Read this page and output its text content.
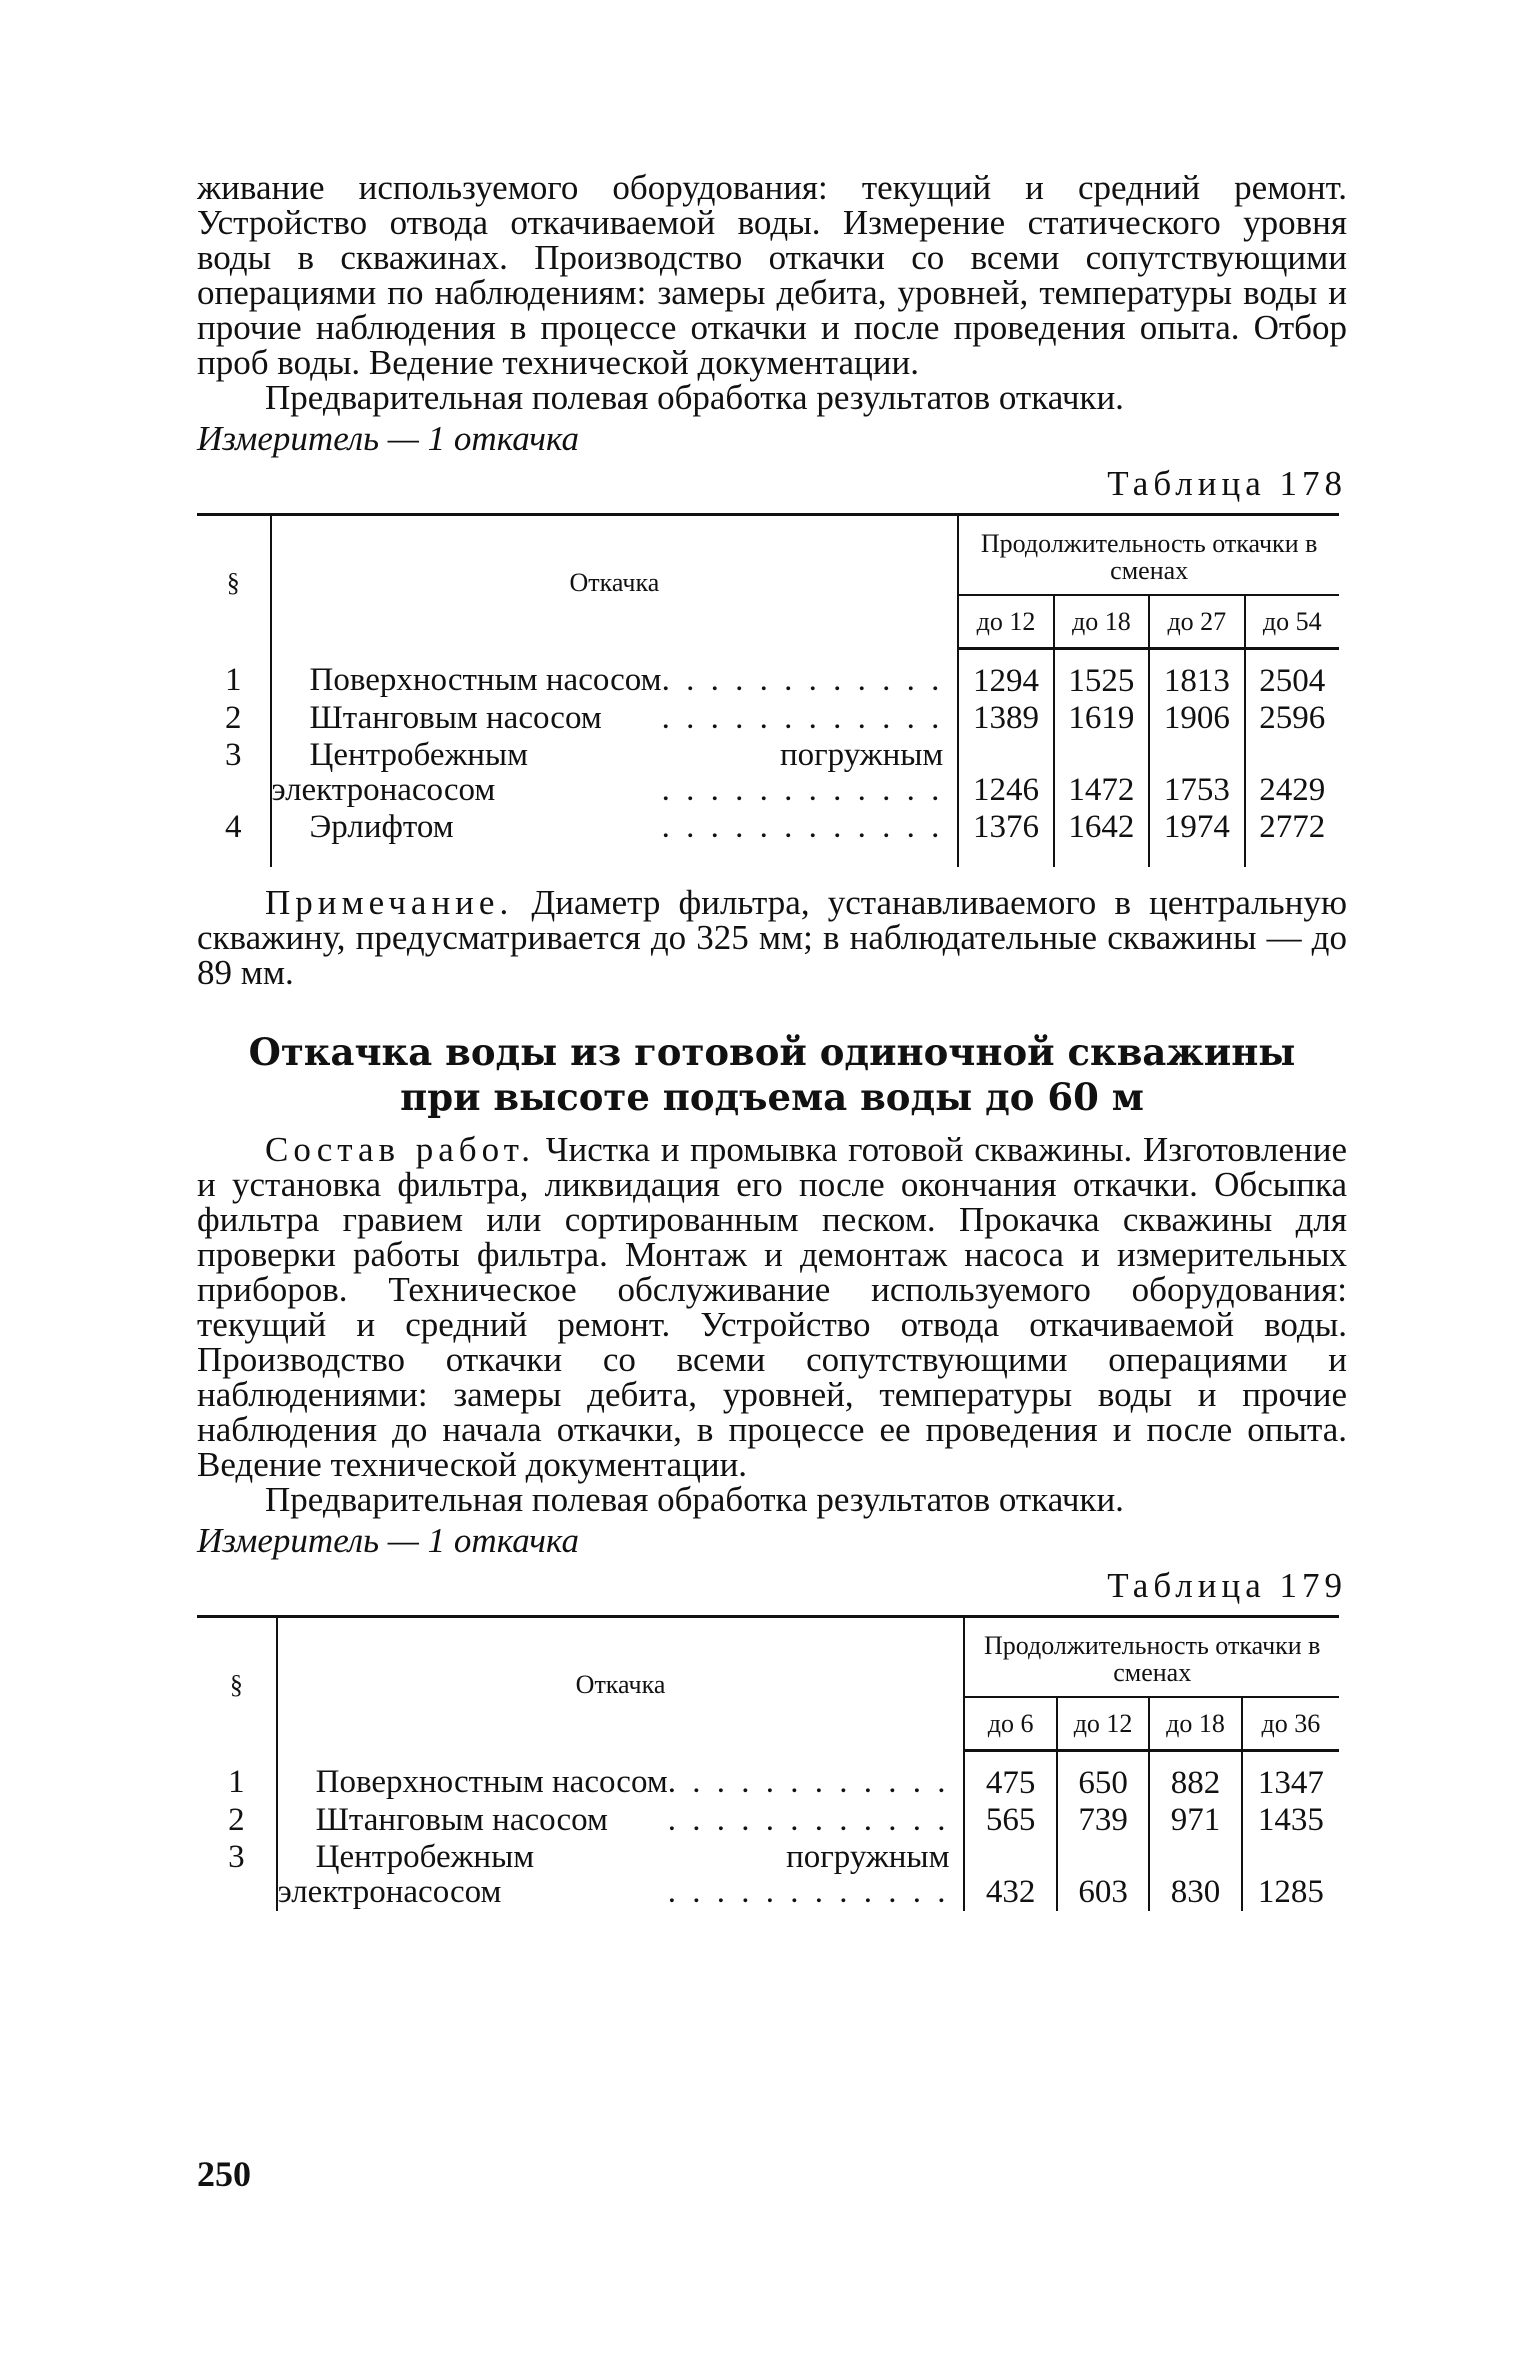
живание используемого оборудования: текущий и средний ремонт. Устройство отвода откачиваемой воды. Измерение статического уровня воды в скважинах. Производство откачки со всеми сопутствующими операциями по наблюдениям: замеры дебита, уровней, температуры воды и прочие наблюдения в процессе откачки и после проведения опыта. Отбор проб воды. Ведение технической документации.

Предварительная полевая обработка результатов откачки.

Измеритель — 1 откачка
Таблица 178
§	Откачка	Продолжительность откачки в сменах			
		до 12	до 18	до 27	до 54
1	Поверхностным насосом . . . . . . . . . . . .	1294	1525	1813	2504
2	Штанговым насосом . . . . . . . . . . . .	1389	1619	1906	2596
3	Центробежным погружным
электронасосом . . . . . . . . . . . .	1246	1472	1753	2429
4	Эрлифтом . . . . . . . . . . . .	1376	1642	1974	2772

Примечание. Диаметр фильтра, устанавливаемого в центральную скважину, предусматривается до 325 мм; в наблюдательные скважины — до 89 мм.

Откачка воды из готовой одиночной скважины
при высоте подъема воды до 60 м

Состав работ. Чистка и промывка готовой скважины. Изготовление и установка фильтра, ликвидация его после окончания откачки. Обсыпка фильтра гравием или сортированным песком. Прокачка скважины для проверки работы фильтра. Монтаж и демонтаж насоса и измерительных приборов. Техническое обслуживание используемого оборудования: текущий и средний ремонт. Устройство отвода откачиваемой воды. Производство откачки со всеми сопутствующими операциями и наблюдениями: замеры дебита, уровней, температуры воды и прочие наблюдения до начала откачки, в процессе ее проведения и после опыта. Ведение технической документации.

Предварительная полевая обработка результатов откачки.

Измеритель — 1 откачка
Таблица 179
§	Откачка	Продолжительность откачки в сменах			
		до 6	до 12	до 18	до 36
1	Поверхностным насосом . . . . . . . . . . . .	475	650	882	1347
2	Штанговым насосом . . . . . . . . . . . .	565	739	971	1435
3	Центробежным погружным
электронасосом . . . . . . . . . . . .	432	603	830	1285
250
